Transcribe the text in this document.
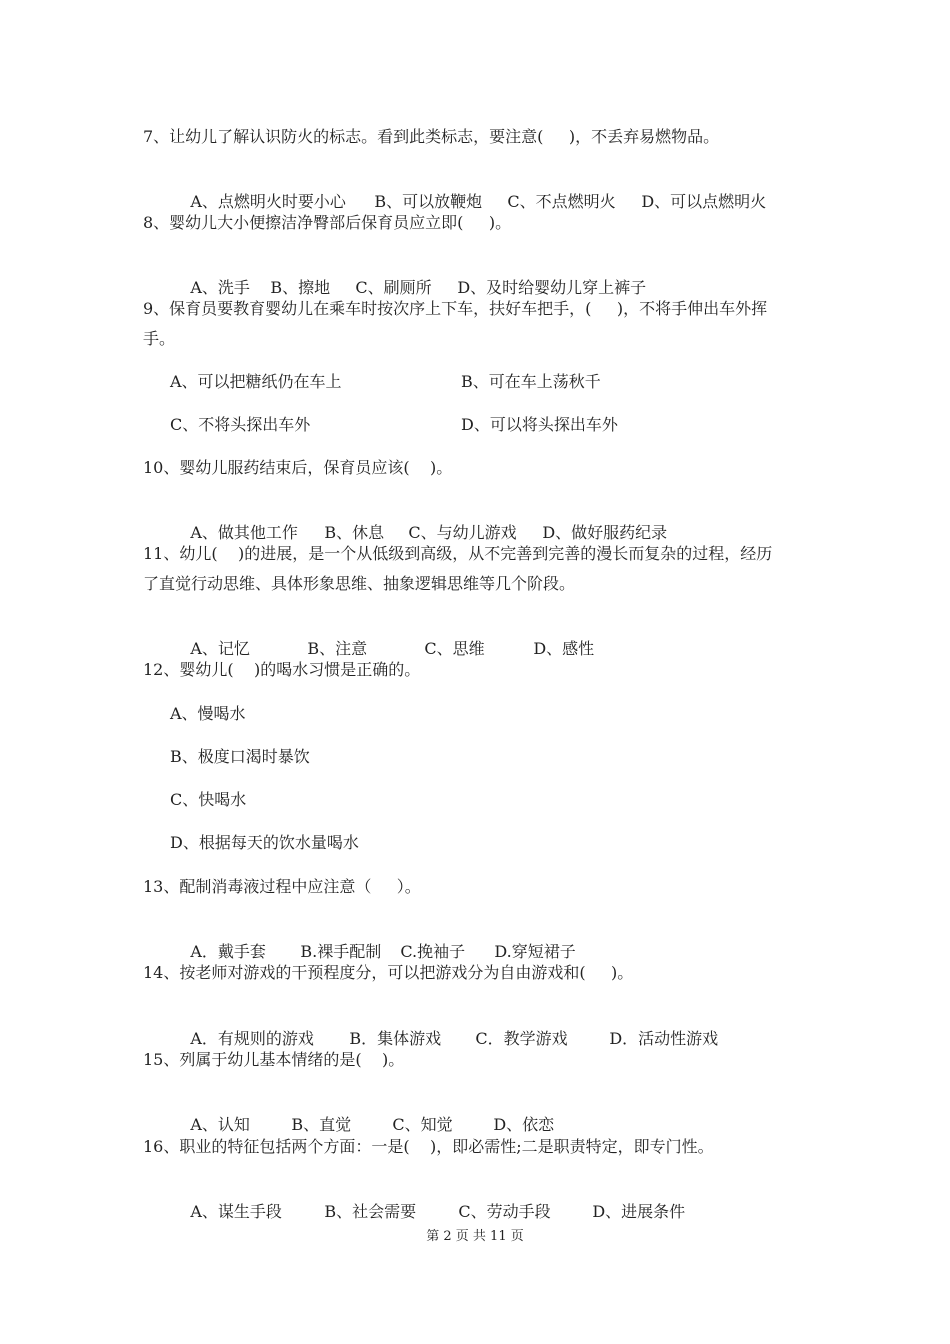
7、让幼儿了解认识防火的标志。看到此类标志，要注意(     )，不丢弃易燃物品。

A、点燃明火时要小心 B、可以放鞭炮 C、不点燃明火 D、可以点燃明火

8、婴幼儿大小便擦洁净臀部后保育员应立即(     )。

A、洗手 B、擦地 C、刷厕所 D、及时给婴幼儿穿上裤子

9、保育员要教育婴幼儿在乘车时按次序上下车，扶好车把手，(     )，不将手伸出车外挥
手。
A、可以把糖纸仍在车上	B、可在车上荡秋千
C、不将头探出车外	D、可以将头探出车外
10、婴幼儿服药结束后，保育员应该(    )。

A、做其他工作 B、休息 C、与幼儿游戏 D、做好服药纪录

11、幼儿(    )的进展，是一个从低级到高级，从不完善到完善的漫长而复杂的过程，经历
了直觉行动思维、具体形象思维、抽象逻辑思维等几个阶段。

A、记忆	B、注意	C、思维	D、感性

12、婴幼儿(    )的喝水习惯是正确的。
A、慢喝水
B、极度口渴时暴饮
C、快喝水
D、根据每天的饮水量喝水
13、配制消毒液过程中应注意（     ）。

A．戴手套 B.裸手配制 C.挽袖子 D.穿短裙子

14、按老师对游戏的干预程度分，可以把游戏分为自由游戏和(     )。

A．有规则的游戏 B．集体游戏 C．教学游戏	D．活动性游戏

15、列属于幼儿基本情绪的是(    )。

A、认知	B、直觉	C、知觉	D、依恋

16、职业的特征包括两个方面：一是(    )，即必需性;二是职责特定，即专门性。

A、谋生手段	B、社会需要	C、劳动手段	D、进展条件

第 2 页 共 11 页
